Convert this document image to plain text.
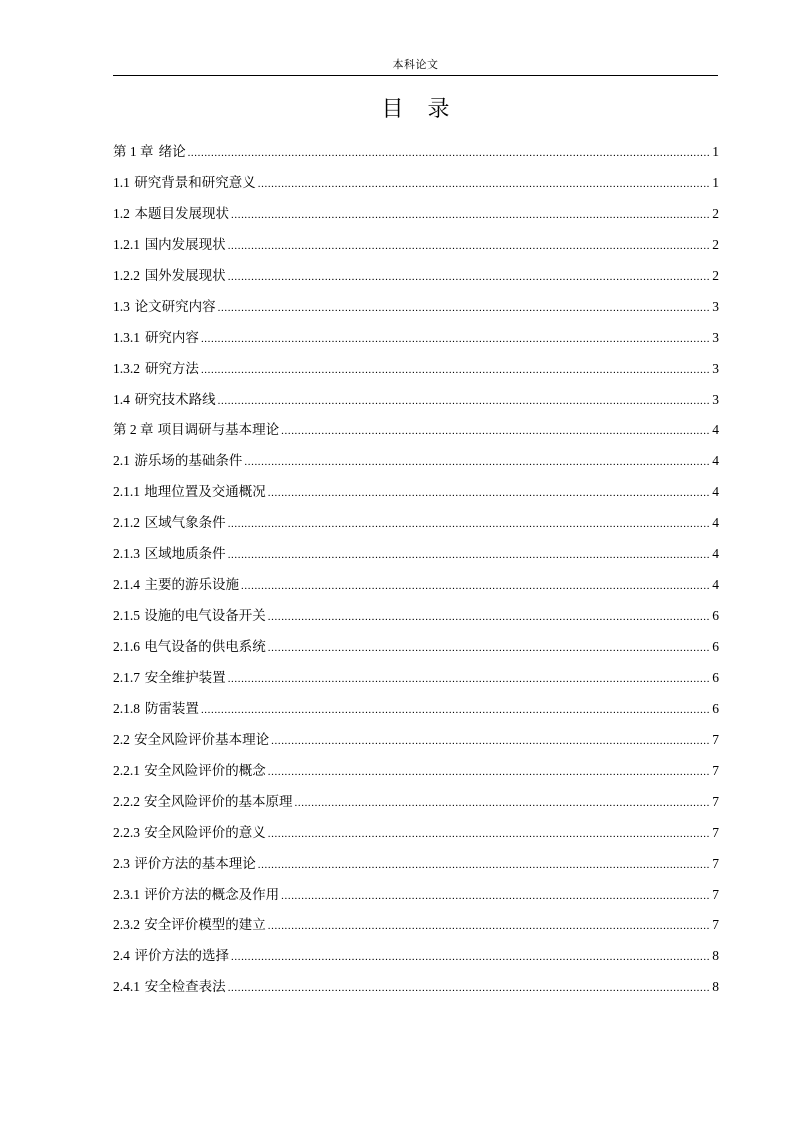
本科论文
目录
第 1 章 绪论 .....	1
1.1 研究背景和研究意义 .....	1
1.2 本题目发展现状 .....	2
1.2.1 国内发展现状 .....	2
1.2.2 国外发展现状 .....	2
1.3 论文研究内容 .....	3
1.3.1 研究内容 .....	3
1.3.2 研究方法 .....	3
1.4 研究技术路线 .....	3
第 2 章 项目调研与基本理论 .....	4
2.1 游乐场的基础条件 .....	4
2.1.1 地理位置及交通概况 .....	4
2.1.2 区域气象条件 .....	4
2.1.3 区域地质条件 .....	4
2.1.4 主要的游乐设施 .....	4
2.1.5 设施的电气设备开关 .....	6
2.1.6 电气设备的供电系统 .....	6
2.1.7 安全维护装置 .....	6
2.1.8 防雷装置 .....	6
2.2 安全风险评价基本理论 .....	7
2.2.1 安全风险评价的概念 .....	7
2.2.2 安全风险评价的基本原理 .....	7
2.2.3 安全风险评价的意义 .....	7
2.3 评价方法的基本理论 .....	7
2.3.1 评价方法的概念及作用 .....	7
2.3.2 安全评价模型的建立 .....	7
2.4 评价方法的选择 .....	8
2.4.1 安全检查表法 .....	8
